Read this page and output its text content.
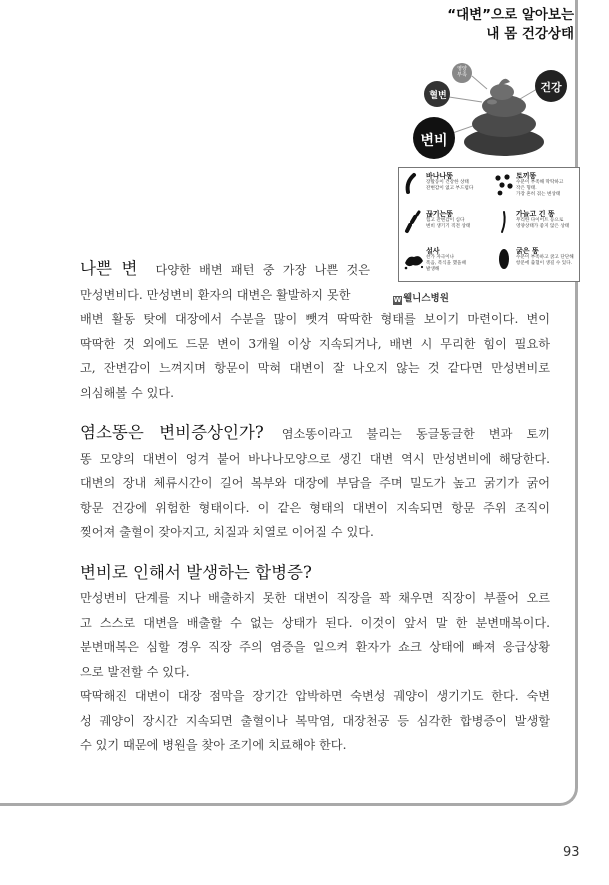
“대변”으로 알아보는
내 몸 건강상태
영양
부족
혈변
건강
변비
바나나똥
장활동이 건강한 상태
잔변감이 없고 부드럽다
토끼똥
수분이 부족해 딱딱하고
작은 형태.
가장 흔히 겪는 변상태
끊기는똥
힘고 잔변감이 심다
변비 생기기 직전 상태
가늘고 긴 똥
무리한 다이어트 등으로
영양상태가 좋지 않은 상태
설사
찬가 자극이나
폭음, 폭식을 했을때
발생해
굵은 똥
수분이 부족하고 굵고 단단해
항문에 출혈이 생길 수 있다.
W 웰니스병원
나쁜 변 다양한 배변 패턴 중 가장 나쁜 것은
만성변비다. 만성변비 환자의 대변은 활발하지 못한
배변 활동 탓에 대장에서 수분을 많이 뺏겨 딱딱한 형태를 보이기 마련이다. 변이
딱딱한 것 외에도 드문 변이 3개월 이상 지속되거나, 배변 시 무리한 힘이 필요하
고, 잔변감이 느껴지며 항문이 막혀 대변이 잘 나오지 않는 것 같다면 만성변비로
의심해볼 수 있다.
염소똥은 변비증상인가? 염소똥이라고 불리는 동글동글한 변과 토끼
똥 모양의 대변이 엉겨 붙어 바나나모양으로 생긴 대변 역시 만성변비에 해당한다.
대변의 장내 체류시간이 길어 복부와 대장에 부담을 주며 밀도가 높고 굵기가 굵어
항문 건강에 위험한 형태이다. 이 같은 형태의 대변이 지속되면 항문 주위 조직이
찢어져 출혈이 잦아지고, 치질과 치열로 이어질 수 있다.
변비로 인해서 발생하는 합병증?
만성변비 단계를 지나 배출하지 못한 대변이 직장을 꽉 채우면 직장이 부풀어 오르
고 스스로 대변을 배출할 수 없는 상태가 된다. 이것이 앞서 말 한 분변매복이다.
분변매복은 심할 경우 직장 주의 염증을 일으켜 환자가 쇼크 상태에 빠져 응급상황
으로 발전할 수 있다.
딱딱해진 대변이 대장 점막을 장기간 압박하면 숙변성 궤양이 생기기도 한다. 숙변
성 궤양이 장시간 지속되면 출혈이나 복막염, 대장천공 등 심각한 합병증이 발생할
수 있기 때문에 병원을 찾아 조기에 치료해야 한다.
93
